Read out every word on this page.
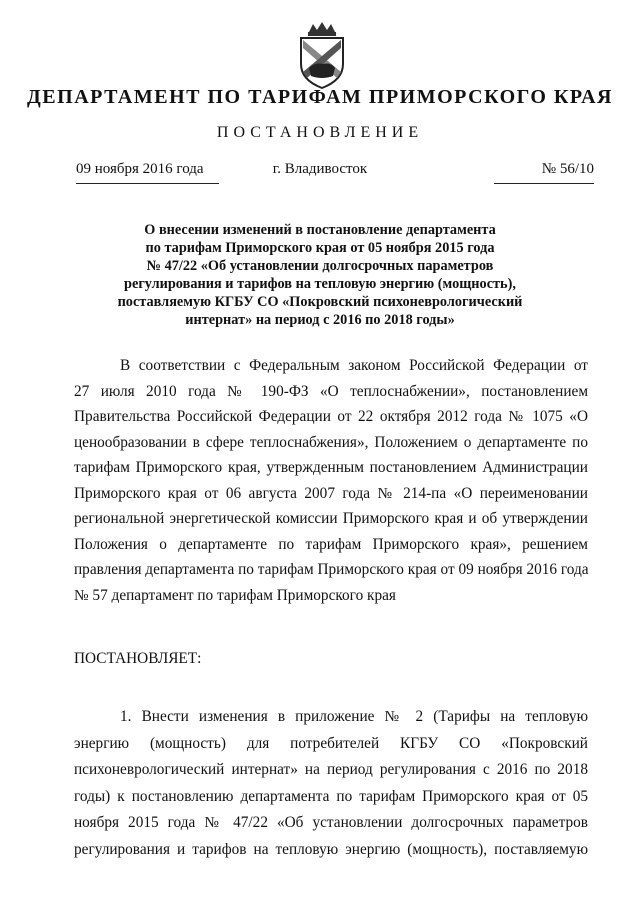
ДЕПАРТАМЕНТ ПО ТАРИФАМ ПРИМОРСКОГО КРАЯ
ПОСТАНОВЛЕНИЕ
09 ноября 2016 года	г. Владивосток	№ 56/10
О внесении изменений в постановление департамента
по тарифам Приморского края от 05 ноября 2015 года
№ 47/22 «Об установлении долгосрочных параметров
регулирования и тарифов на тепловую энергию (мощность),
поставляемую КГБУ СО «Покровский психоневрологический
интернат» на период с 2016 по 2018 годы»
В соответствии с Федеральным законом Российской Федерации от
27 июля 2010 года № 190-ФЗ «О теплоснабжении», постановлением
Правительства Российской Федерации от 22 октября 2012 года № 1075 «О
ценообразовании в сфере теплоснабжения», Положением о департаменте по
тарифам Приморского края, утвержденным постановлением Администрации
Приморского края от 06 августа 2007 года № 214-па «О переименовании
региональной энергетической комиссии Приморского края и об утверждении
Положения о департаменте по тарифам Приморского края», решением
правления департамента по тарифам Приморского края от 09 ноября 2016 года
№ 57 департамент по тарифам Приморского края
ПОСТАНОВЛЯЕТ:
1. Внести изменения в приложение № 2 (Тарифы на тепловую
энергию (мощность) для потребителей КГБУ СО «Покровский
психоневрологический интернат» на период регулирования с 2016 по 2018
годы) к постановлению департамента по тарифам Приморского края от 05
ноября 2015 года № 47/22 «Об установлении долгосрочных параметров
регулирования и тарифов на тепловую энергию (мощность), поставляемую
